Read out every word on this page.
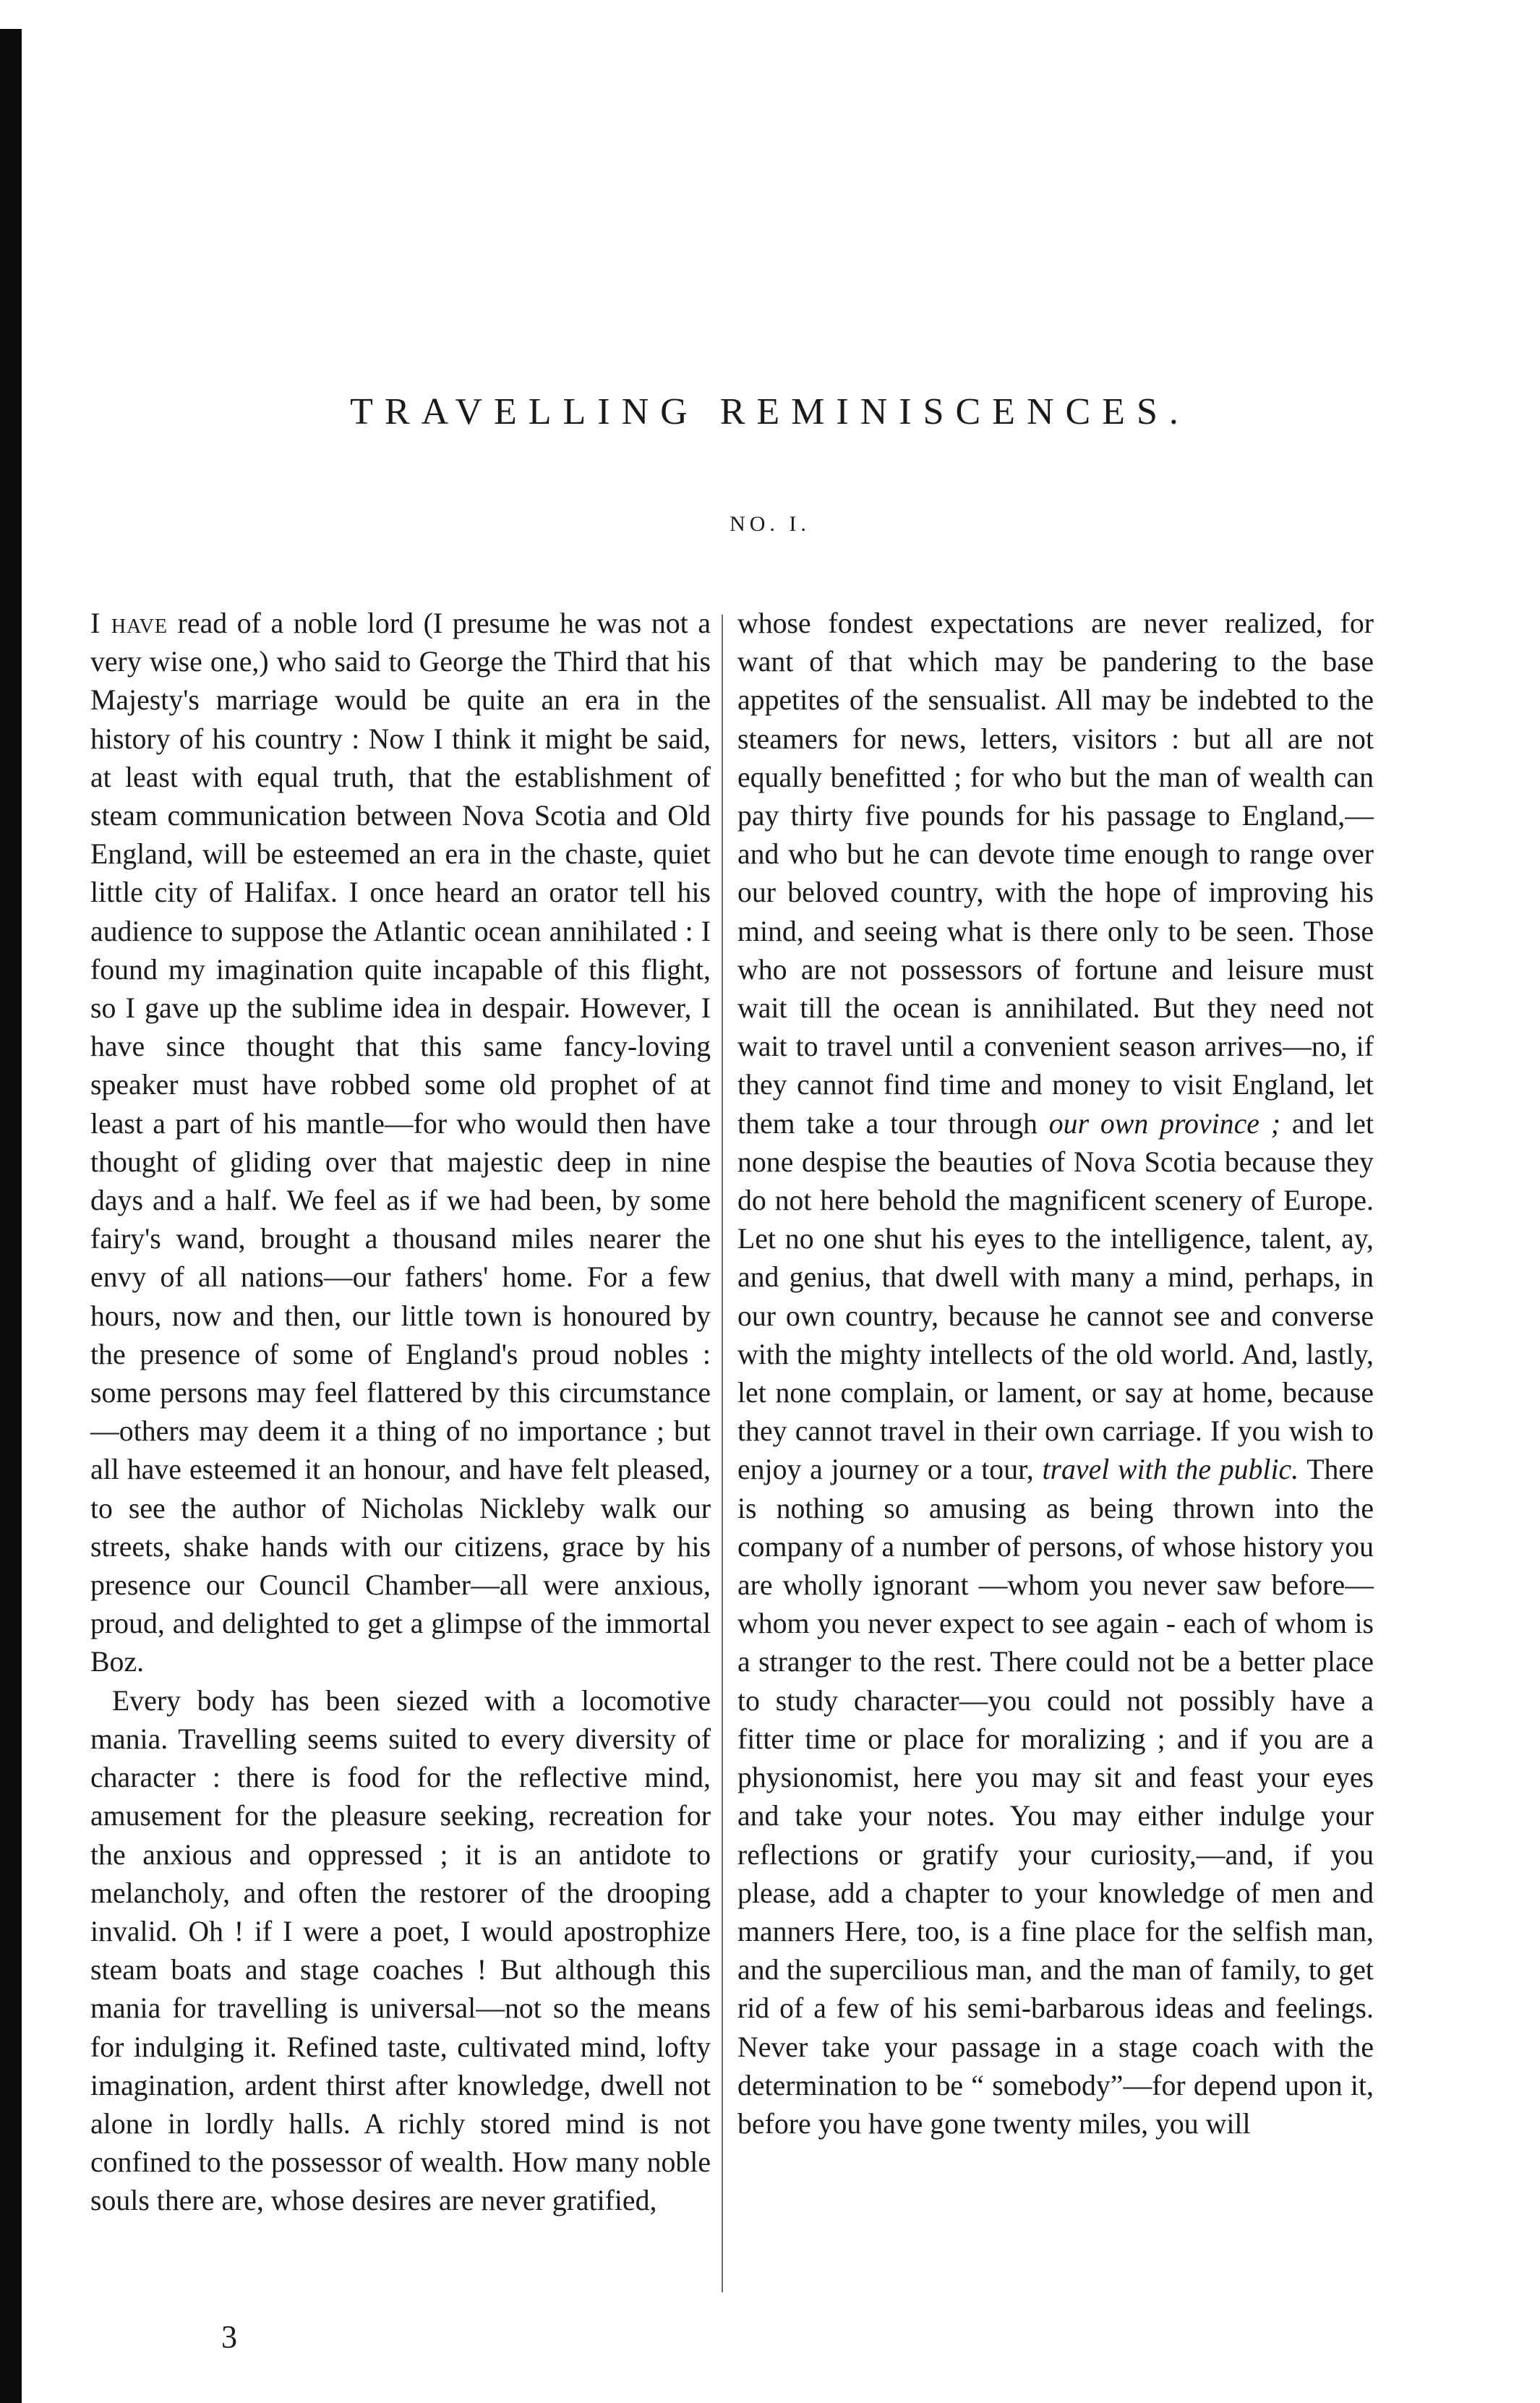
TRAVELLING REMINISCENCES.
NO. I.

I have read of a noble lord (I presume he was not a very wise one,) who said to George the Third that his Majesty's marriage would be quite an era in the history of his country : Now I think it might be said, at least with equal truth, that the establishment of steam communication between Nova Scotia and Old England, will be esteemed an era in the chaste, quiet little city of Halifax. I once heard an orator tell his audience to suppose the Atlantic ocean annihilated : I found my imagination quite incapable of this flight, so I gave up the sublime idea in despair. However, I have since thought that this same fancy-loving speaker must have robbed some old prophet of at least a part of his mantle—for who would then have thought of gliding over that majestic deep in nine days and a half. We feel as if we had been, by some fairy's wand, brought a thousand miles nearer the envy of all nations—our fathers' home. For a few hours, now and then, our little town is honoured by the presence of some of England's proud nobles : some persons may feel flattered by this circumstance—others may deem it a thing of no importance ; but all have esteemed it an honour, and have felt pleased, to see the author of Nicholas Nickleby walk our streets, shake hands with our citizens, grace by his presence our Council Chamber—all were anxious, proud, and delighted to get a glimpse of the immortal Boz.

Every body has been siezed with a locomotive mania. Travelling seems suited to every diversity of character : there is food for the reflective mind, amusement for the pleasure seeking, recreation for the anxious and oppressed ; it is an antidote to melancholy, and often the restorer of the drooping invalid. Oh ! if I were a poet, I would apostrophize steam boats and stage coaches ! But although this mania for travelling is universal—not so the means for indulging it. Refined taste, cultivated mind, lofty imagination, ardent thirst after knowledge, dwell not alone in lordly halls. A richly stored mind is not confined to the possessor of wealth. How many noble souls there are, whose desires are never gratified,

whose fondest expectations are never realized, for want of that which may be pandering to the base appetites of the sensualist. All may be indebted to the steamers for news, letters, visitors : but all are not equally benefitted ; for who but the man of wealth can pay thirty five pounds for his passage to England,—and who but he can devote time enough to range over our beloved country, with the hope of improving his mind, and seeing what is there only to be seen. Those who are not possessors of fortune and leisure must wait till the ocean is annihilated. But they need not wait to travel until a convenient season arrives—no, if they cannot find time and money to visit England, let them take a tour through our own province ; and let none despise the beauties of Nova Scotia because they do not here behold the magnificent scenery of Europe. Let no one shut his eyes to the intelligence, talent, ay, and genius, that dwell with many a mind, perhaps, in our own country, because he cannot see and converse with the mighty intellects of the old world. And, lastly, let none complain, or lament, or say at home, because they cannot travel in their own carriage. If you wish to enjoy a journey or a tour, travel with the public. There is nothing so amusing as being thrown into the company of a number of persons, of whose history you are wholly ignorant —whom you never saw before—whom you never expect to see again - each of whom is a stranger to the rest. There could not be a better place to study character—you could not possibly have a fitter time or place for moralizing ; and if you are a physionomist, here you may sit and feast your eyes and take your notes. You may either indulge your reflections or gratify your curiosity,—and, if you please, add a chapter to your knowledge of men and manners Here, too, is a fine place for the selfish man, and the supercilious man, and the man of family, to get rid of a few of his semi-barbarous ideas and feelings. Never take your passage in a stage coach with the determination to be “ somebody”—for depend upon it, before you have gone twenty miles, you will

3
